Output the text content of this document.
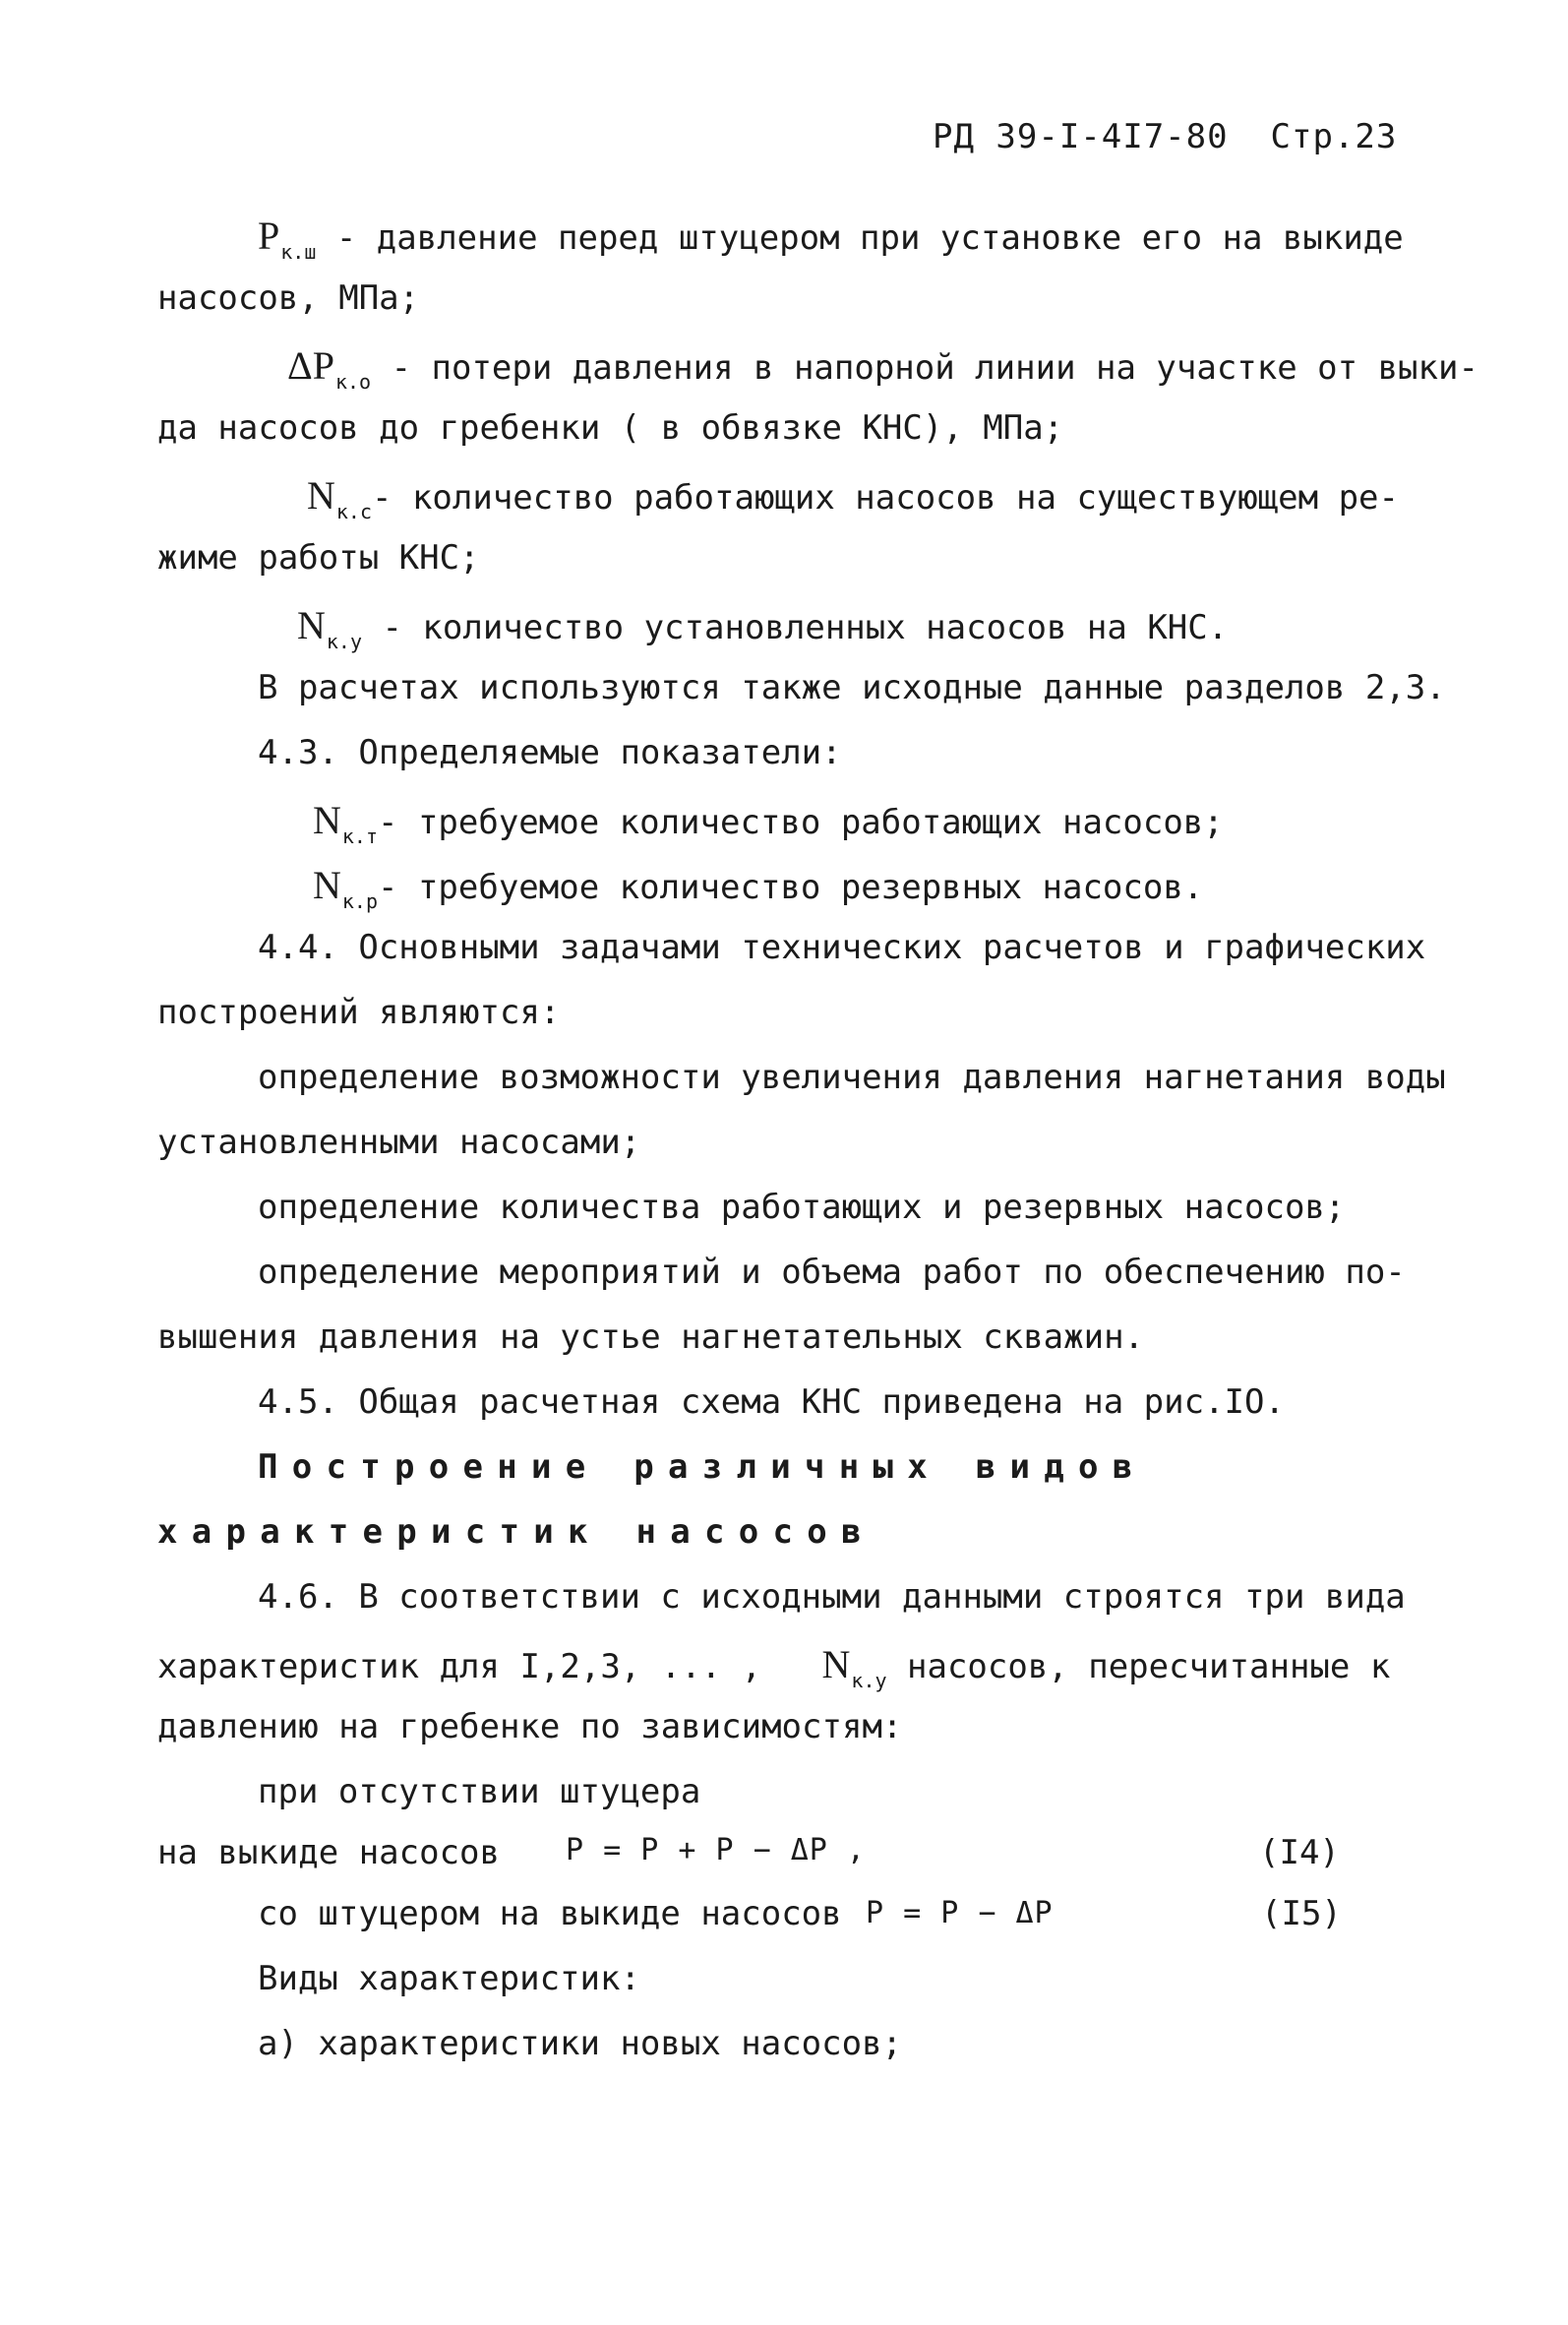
РД 39-I-4I7-80 Стр.23
$P_{к.ш}$ - давление перед штуцером при установке его на выкиде
насосов, МПа;
$\Delta P_{к.о}$ - потери давления в напорной линии на участке от выки-
да насосов до гребенки ( в обвязке КНС), МПа;
$N_{к.с}-$ количество работающих насосов на существующем ре-
жиме работы КНС;
$N_{к.у}$ - количество установленных насосов на КНС.
В расчетах используются также исходные данные разделов 2,3.
4.3. Определяемые показатели:
$N_{к.т}-$ требуемое количество работающих насосов;
$N_{к.р}-$ требуемое количество резервных насосов.
4.4. Основными задачами технических расчетов и графических
построений являются:
определение возможности увеличения давления нагнетания воды
установленными насосами;
определение количества работающих и резервных насосов;
определение мероприятий и объема работ по обеспечению по-
вышения давления на устье нагнетательных скважин.
4.5. Общая расчетная схема КНС приведена на рис.IO.
Построение различных видов
характеристик насосов
4.6. В соответствии с исходными данными строятся три вида
характеристик для I,2,3, ... , $N_{к.у}$ насосов, пересчитанные к
давлению на гребенке по зависимостям:
при отсутствии штуцера
на выкиде насосов P = P + P − ΔP ,	(I4)
со штуцером на выкиде насосов P = P − ΔP	(I5)
Виды характеристик:
а) характеристики новых насосов;
